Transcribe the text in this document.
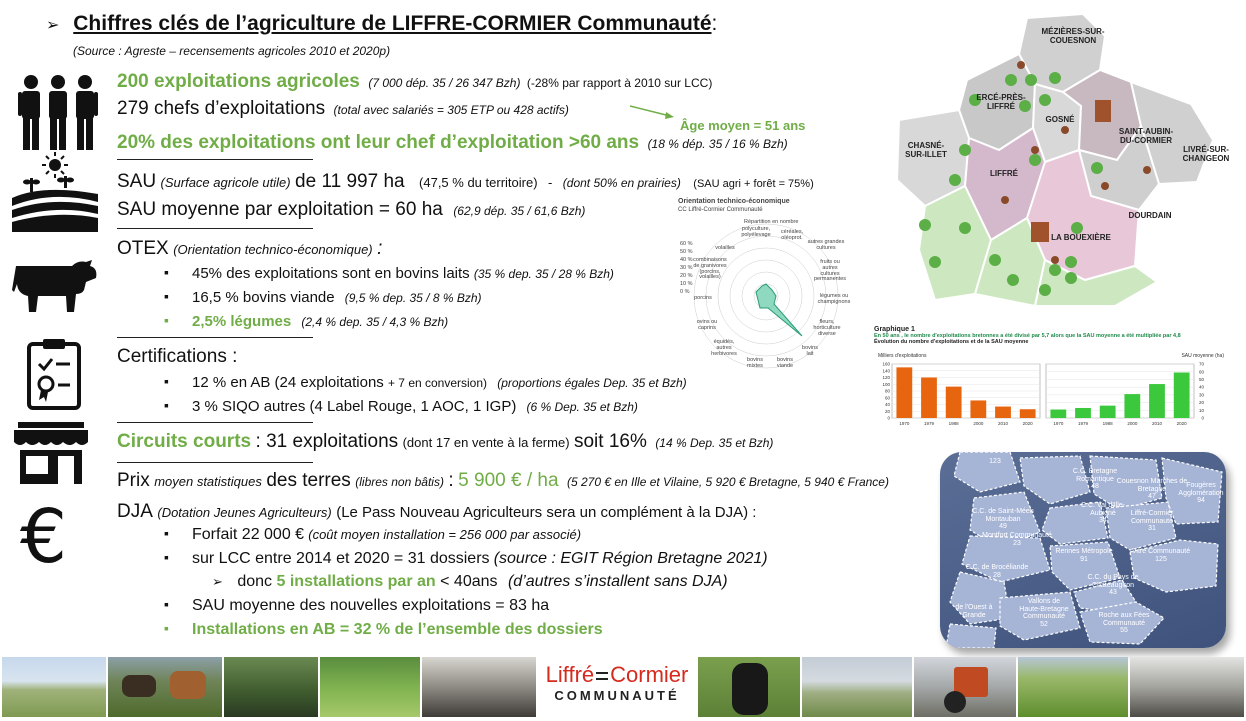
➢ Chiffres clés de l’agriculture de LIFFRE-CORMIER Communauté:
(Source : Agreste – recensements agricoles 2010 et 2020p)
200 exploitations agricoles (7 000 dép. 35 / 26 347 Bzh) (-28% par rapport à 2010 sur LCC)
279 chefs d’exploitations (total avec salariés = 305 ETP ou 428 actifs)
Âge moyen = 51 ans
20% des exploitations ont leur chef d’exploitation >60 ans (18 % dép. 35 / 16 % Bzh)
SAU (Surface agricole utile) de 11 997 ha (47,5 % du territoire) - (dont 50% en prairies) (SAU agri + forêt = 75%)
SAU moyenne par exploitation = 60 ha (62,9 dép. 35 / 61,6 Bzh)
OTEX (Orientation technico-économique) :
▪ 45% des exploitations sont en bovins laits (35 % dep. 35 / 28 % Bzh)
▪ 16,5 % bovins viande (9,5 % dep. 35 / 8 % Bzh)
▪ 2,5% légumes (2,4 % dep. 35 / 4,3 % Bzh)
Certifications :
▪ 12 % en AB (24 exploitations + 7 en conversion) (proportions égales Dep. 35 et Bzh)
▪ 3 % SIQO autres (4 Label Rouge, 1 AOC, 1 IGP) (6 % Dep. 35 et Bzh)
Circuits courts : 31 exploitations (dont 17 en vente à la ferme) soit 16% (14 % Dep. 35 et Bzh)
Prix moyen statistiques des terres (libres non bâtis) : 5 900 € / ha (5 270 € en Ille et Vilaine, 5 920 € Bretagne, 5 940 € France)
€	DJA (Dotation Jeunes Agriculteurs) (Le Pass Nouveau Agriculteurs sera un complément à la DJA) :
▪ Forfait 22 000 € (coût moyen installation = 256 000 par associé)
▪ sur LCC entre 2014 et 2020 = 31 dossiers (source : EGIT Région Bretagne 2021)
➢ donc 5 installations par an < 40ans (d’autres s’installent sans DJA)
▪ SAU moyenne des nouvelles exploitations = 83 ha
▪ Installations en AB = 32 % de l’ensemble des dossiers
MÉZIÈRES-SUR-
COUESNON
ERCÉ-PRÈS-
LIFFRÉ
GOSNÉ
SAINT-AUBIN-
DU-CORMIER
CHASNÉ-
SUR-ILLET
LIVRÉ-SUR-
CHANGEON
LIFFRÉ
DOURDAIN
LA BOUEXIÈRE
Orientation technico-économique
CC Liffré-Cormier Communauté
Répartition en nombre
60 %
50 %
40 %
30 %
20 %
10 %
0 %
polyculture, polyélevage	céréales, oléoprot.
autres grandes cultures
fruits ou autres cultures permanentes
légumes ou champignons
fleurs, horticulture diverse
bovins lait
bovins viande
bovins mixtes
équidés, autres herbivores
ovins ou caprins
porcins
combinaisons de granivores (porcins, volailles)
volailles
Graphique 1
En 50 ans , le nombre d'exploitations bretonnes a été divisé par 5,7 alors que la SAU moyenne a été multipliée par 4,8
Évolution du nombre d'exploitations et de la SAU moyenne
Milliers d'exploitations	SAU moyenne (ha)
0
20
40
60
80
100
120
140
160
1970	1979	1988	2000	2010	2020
0
10
20
30
40
50
60
70
1970	1979	1988	2000	2010	2020
C.C. Bretagne
Romantique
48
Couesnon Marches de
Bretagne
47
C.C. de Saint-Méen
Montauban
49
C.C. Val d'Ille-
Aubigné
34
Liffré-Cormier
Communauté
31
Montfort Communauté
23
Rennes Métropole
91
Vitré Communauté
125
C.C. de Brocéliande
28	C.C. du Pays de
Châteaugiron
43
Vallons de
Haute-Bretagne
Communauté
52
Roche aux Fées
Communauté
55
Fougères
Agglomération
94
123
de l'Ouest à
Grande
Liffré Cormier
COMMUNAUTÉ
